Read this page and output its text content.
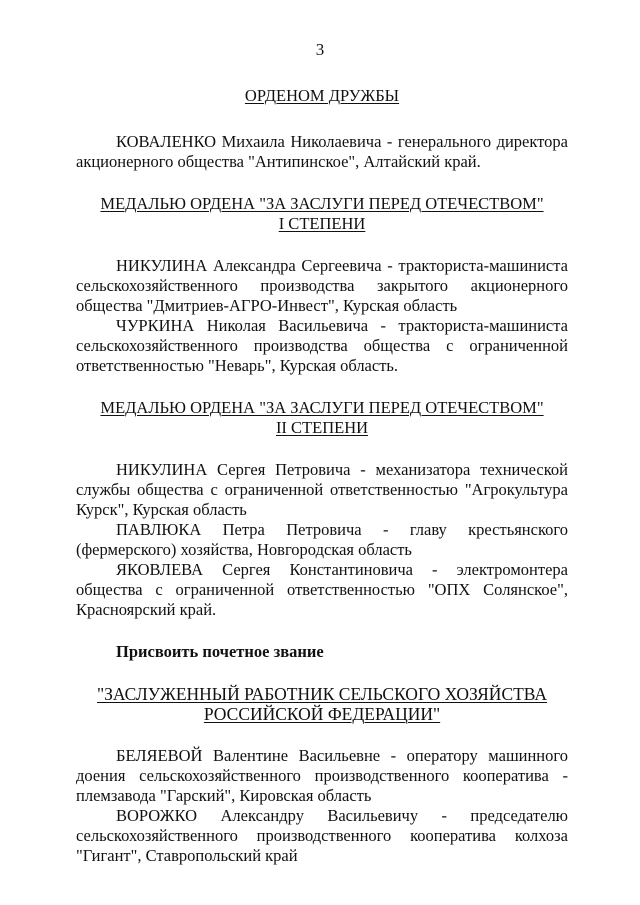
3

ОРДЕНОМ ДРУЖБЫ

КОВАЛЕНКО Михаила Николаевича - генерального директора акционерного общества "Антипинское", Алтайский край.

МЕДАЛЬЮ ОРДЕНА "ЗА ЗАСЛУГИ ПЕРЕД ОТЕЧЕСТВОМ"

I СТЕПЕНИ

НИКУЛИНА Александра Сергеевича - тракториста-машиниста сельскохозяйственного производства закрытого акционерного общества "Дмитриев-АГРО-Инвест", Курская область

ЧУРКИНА Николая Васильевича - тракториста-машиниста сельскохозяйственного производства общества с ограниченной ответственностью "Неварь", Курская область.

МЕДАЛЬЮ ОРДЕНА "ЗА ЗАСЛУГИ ПЕРЕД ОТЕЧЕСТВОМ"

II СТЕПЕНИ

НИКУЛИНА Сергея Петровича - механизатора технической службы общества с ограниченной ответственностью "Агрокультура Курск", Курская область

ПАВЛЮКА Петра Петровича - главу крестьянского (фермерского) хозяйства, Новгородская область

ЯКОВЛЕВА Сергея Константиновича - электромонтера общества с ограниченной ответственностью "ОПХ Солянское", Красноярский край.

Присвоить почетное звание

"ЗАСЛУЖЕННЫЙ РАБОТНИК СЕЛЬСКОГО ХОЗЯЙСТВА

РОССИЙСКОЙ ФЕДЕРАЦИИ"

БЕЛЯЕВОЙ Валентине Васильевне - оператору машинного доения сельскохозяйственного производственного кооператива - племзавода "Гарский", Кировская область

ВОРОЖКО Александру Васильевичу - председателю сельскохозяйственного производственного кооператива колхоза "Гигант", Ставропольский край
